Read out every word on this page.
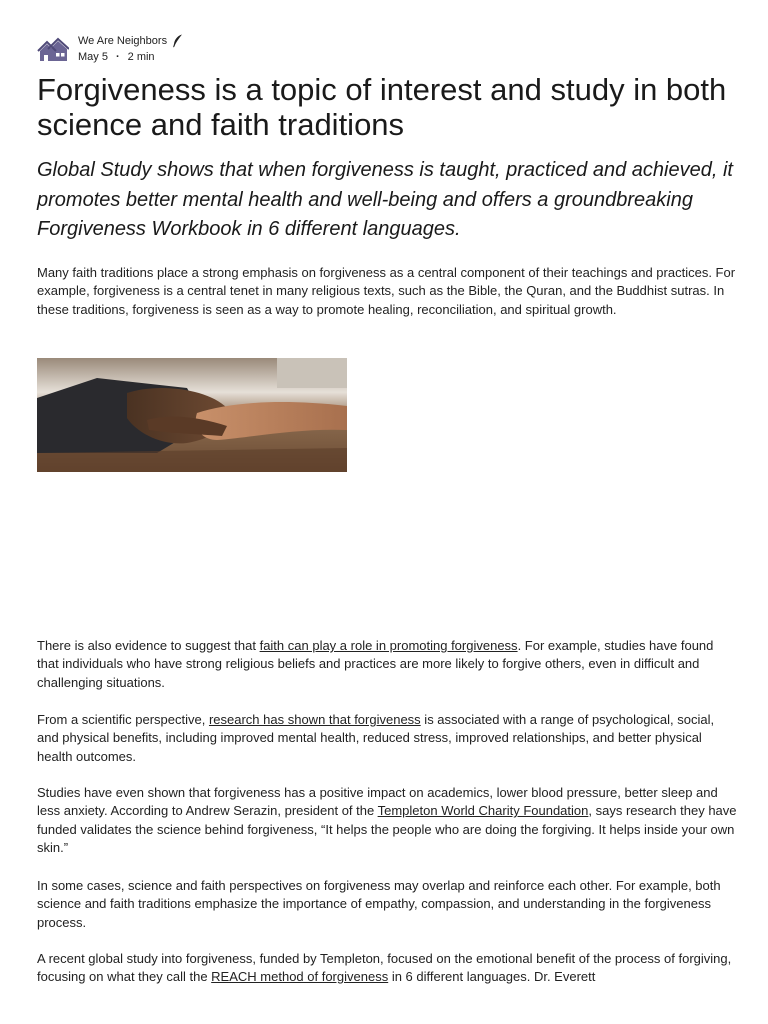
We Are Neighbors
May 5 · 2 min
Forgiveness is a topic of interest and study in both science and faith traditions

Global Study shows that when forgiveness is taught, practiced and achieved, it promotes better mental health and well-being and offers a groundbreaking Forgiveness Workbook in 6 different languages.

Many faith traditions place a strong emphasis on forgiveness as a central component of their teachings and practices. For example, forgiveness is a central tenet in many religious texts, such as the Bible, the Quran, and the Buddhist sutras. In these traditions, forgiveness is seen as a way to promote healing, reconciliation, and spiritual growth.

There is also evidence to suggest that faith can play a role in promoting forgiveness. For example, studies have found that individuals who have strong religious beliefs and practices are more likely to forgive others, even in difficult and challenging situations.

From a scientific perspective, research has shown that forgiveness is associated with a range of psychological, social, and physical benefits, including improved mental health, reduced stress, improved relationships, and better physical health outcomes.

Studies have even shown that forgiveness has a positive impact on academics, lower blood pressure, better sleep and less anxiety. According to Andrew Serazin, president of the Templeton World Charity Foundation, says research they have funded validates the science behind forgiveness, “It helps the people who are doing the forgiving. It helps inside your own skin.”

In some cases, science and faith perspectives on forgiveness may overlap and reinforce each other. For example, both science and faith traditions emphasize the importance of empathy, compassion, and understanding in the forgiveness process.

A recent global study into forgiveness, funded by Templeton, focused on the emotional benefit of the process of forgiving, focusing on what they call the REACH method of forgiveness in 6 different languages. Dr. Everett
